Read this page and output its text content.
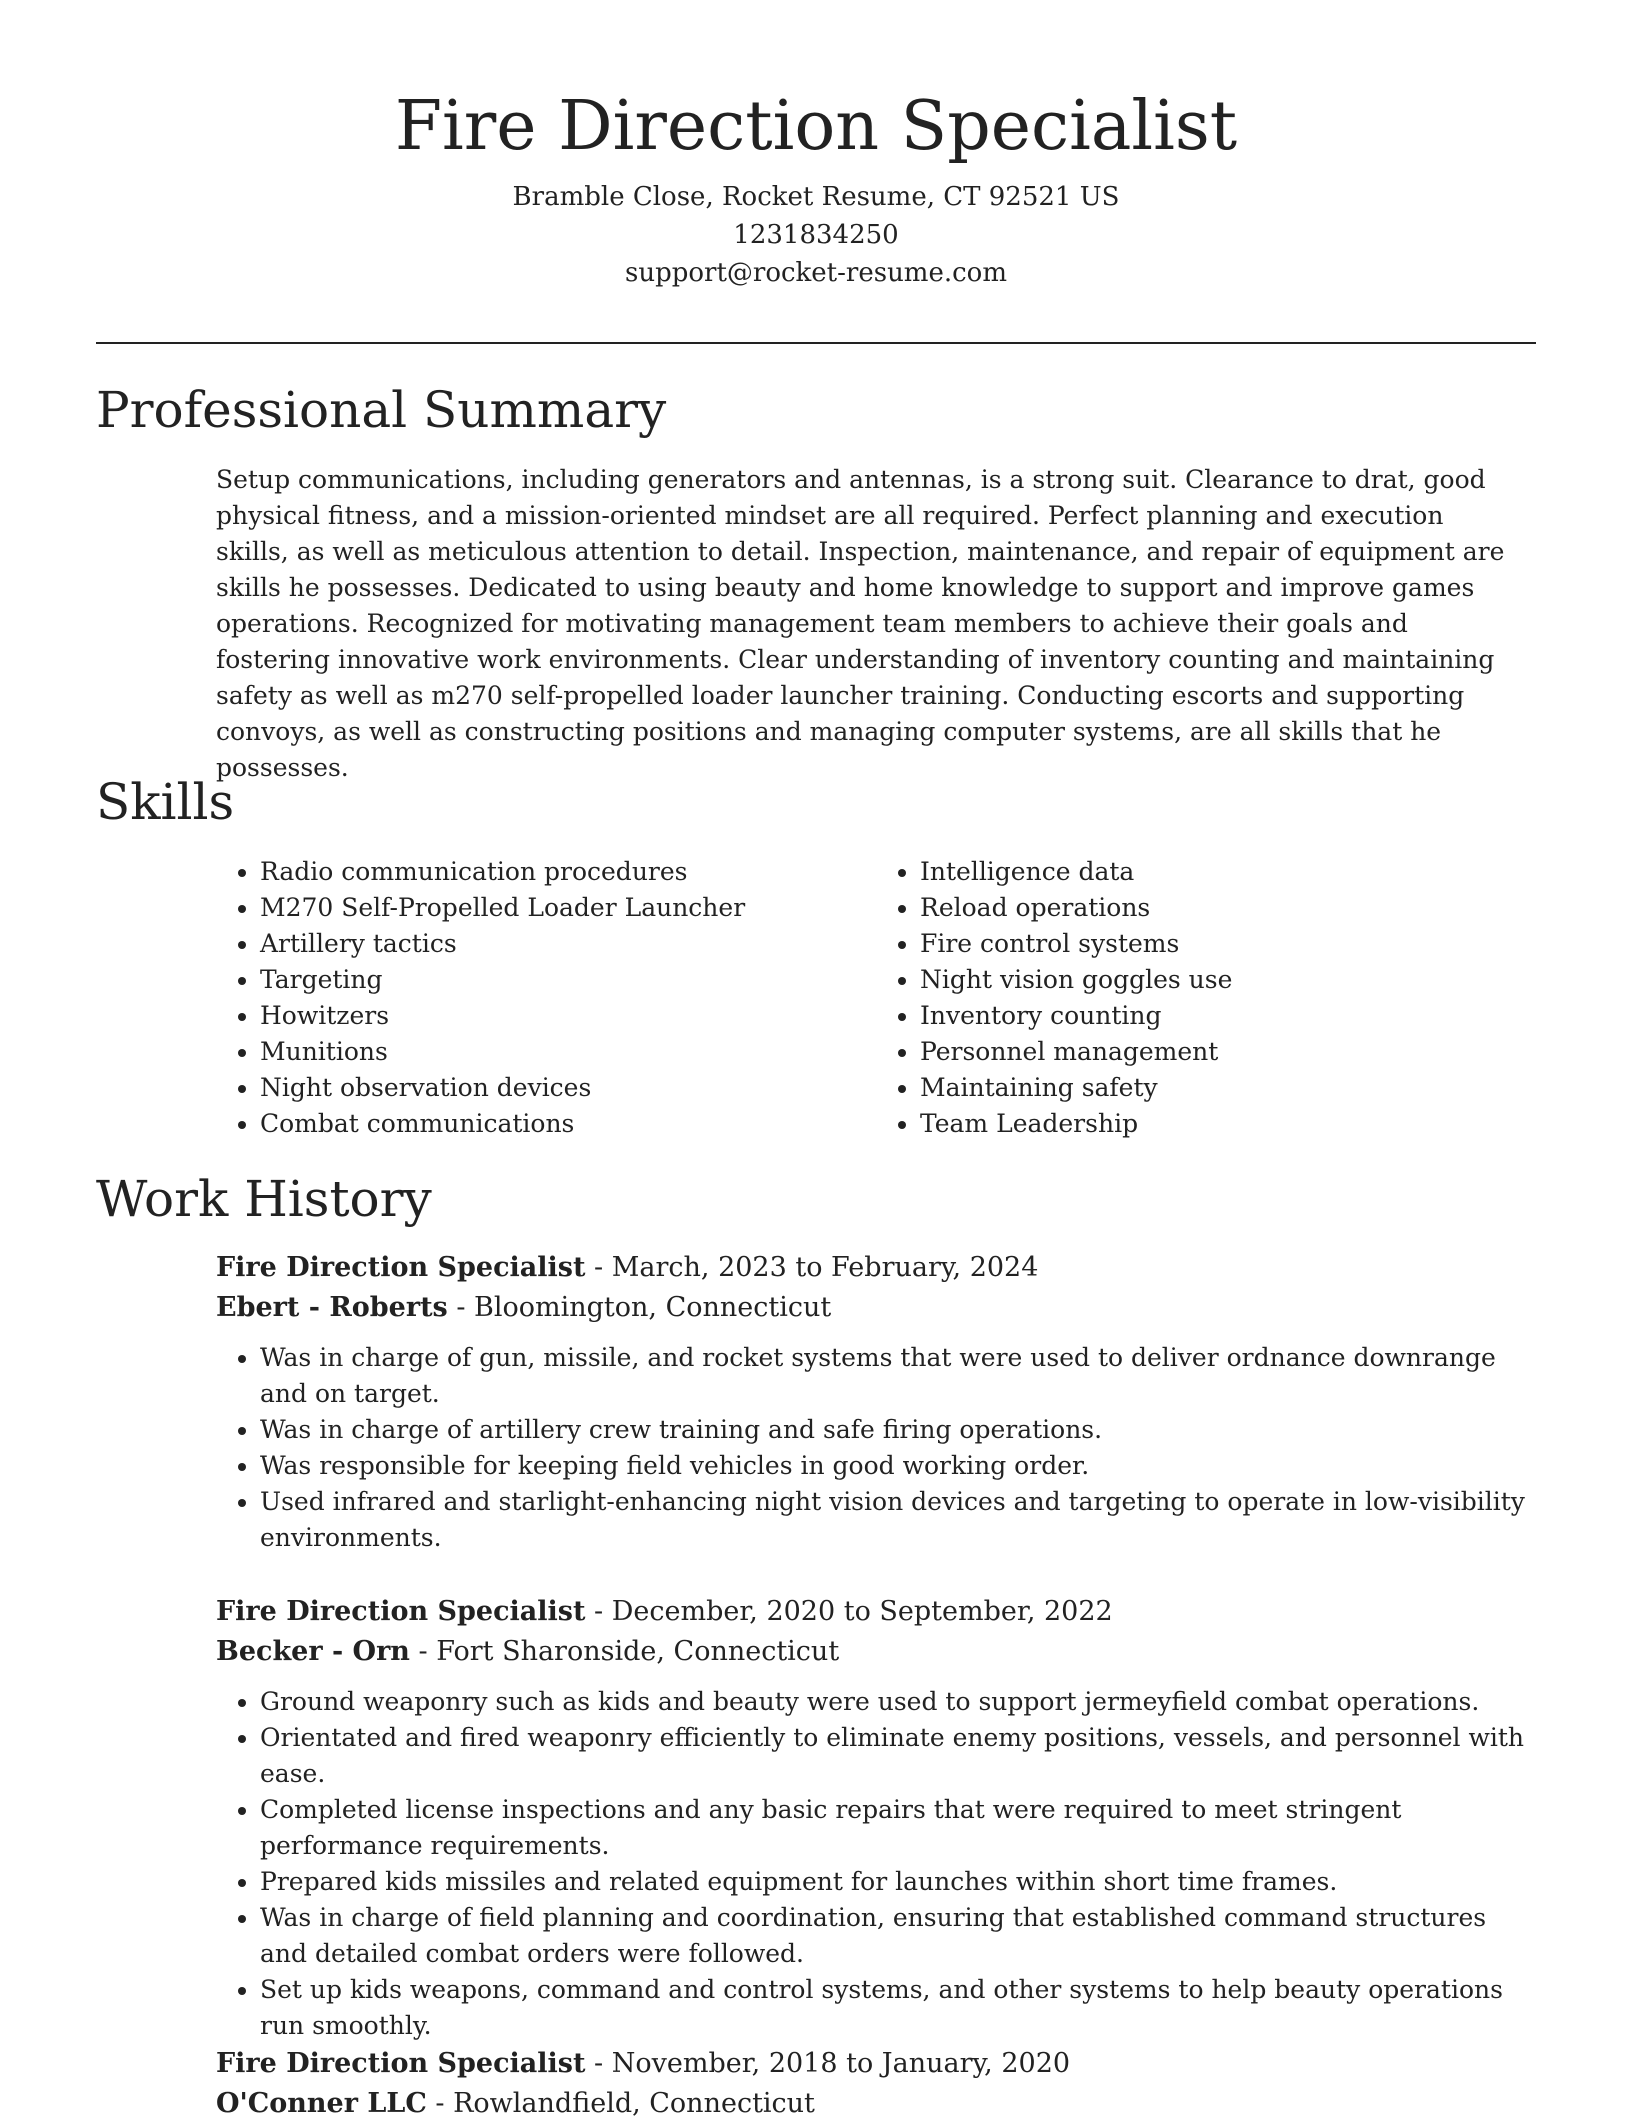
Fire Direction Specialist
Bramble Close, Rocket Resume, CT 92521 US
1231834250
support@rocket-resume.com
Professional Summary

Setup communications, including generators and antennas, is a strong suit. Clearance to drat, good physical fitness, and a mission-oriented mindset are all required. Perfect planning and execution skills, as well as meticulous attention to detail. Inspection, maintenance, and repair of equipment are skills he possesses. Dedicated to using beauty and home knowledge to support and improve games operations. Recognized for motivating management team members to achieve their goals and fostering innovative work environments. Clear understanding of inventory counting and maintaining safety as well as m270 self-propelled loader launcher training. Conducting escorts and supporting convoys, as well as constructing positions and managing computer systems, are all skills that he possesses.

Skills
• Radio communication procedures
• M270 Self-Propelled Loader Launcher
• Artillery tactics
• Targeting
• Howitzers
• Munitions
• Night observation devices
• Combat communications
• Intelligence data
• Reload operations
• Fire control systems
• Night vision goggles use
• Inventory counting
• Personnel management
• Maintaining safety
• Team Leadership
Work History

Fire Direction Specialist - March, 2023 to February, 2024

Ebert - Roberts - Bloomington, Connecticut

• Was in charge of gun, missile, and rocket systems that were used to deliver ordnance downrange and on target.
• Was in charge of artillery crew training and safe firing operations.
• Was responsible for keeping field vehicles in good working order.
• Used infrared and starlight-enhancing night vision devices and targeting to operate in low-visibility environments.

Fire Direction Specialist - December, 2020 to September, 2022

Becker - Orn - Fort Sharonside, Connecticut

• Ground weaponry such as kids and beauty were used to support jermeyfield combat operations.
• Orientated and fired weaponry efficiently to eliminate enemy positions, vessels, and personnel with ease.
• Completed license inspections and any basic repairs that were required to meet stringent performance requirements.
• Prepared kids missiles and related equipment for launches within short time frames.
• Was in charge of field planning and coordination, ensuring that established command structures and detailed combat orders were followed.
• Set up kids weapons, command and control systems, and other systems to help beauty operations run smoothly.

Fire Direction Specialist - November, 2018 to January, 2020

O'Conner LLC - Rowlandfield, Connecticut
